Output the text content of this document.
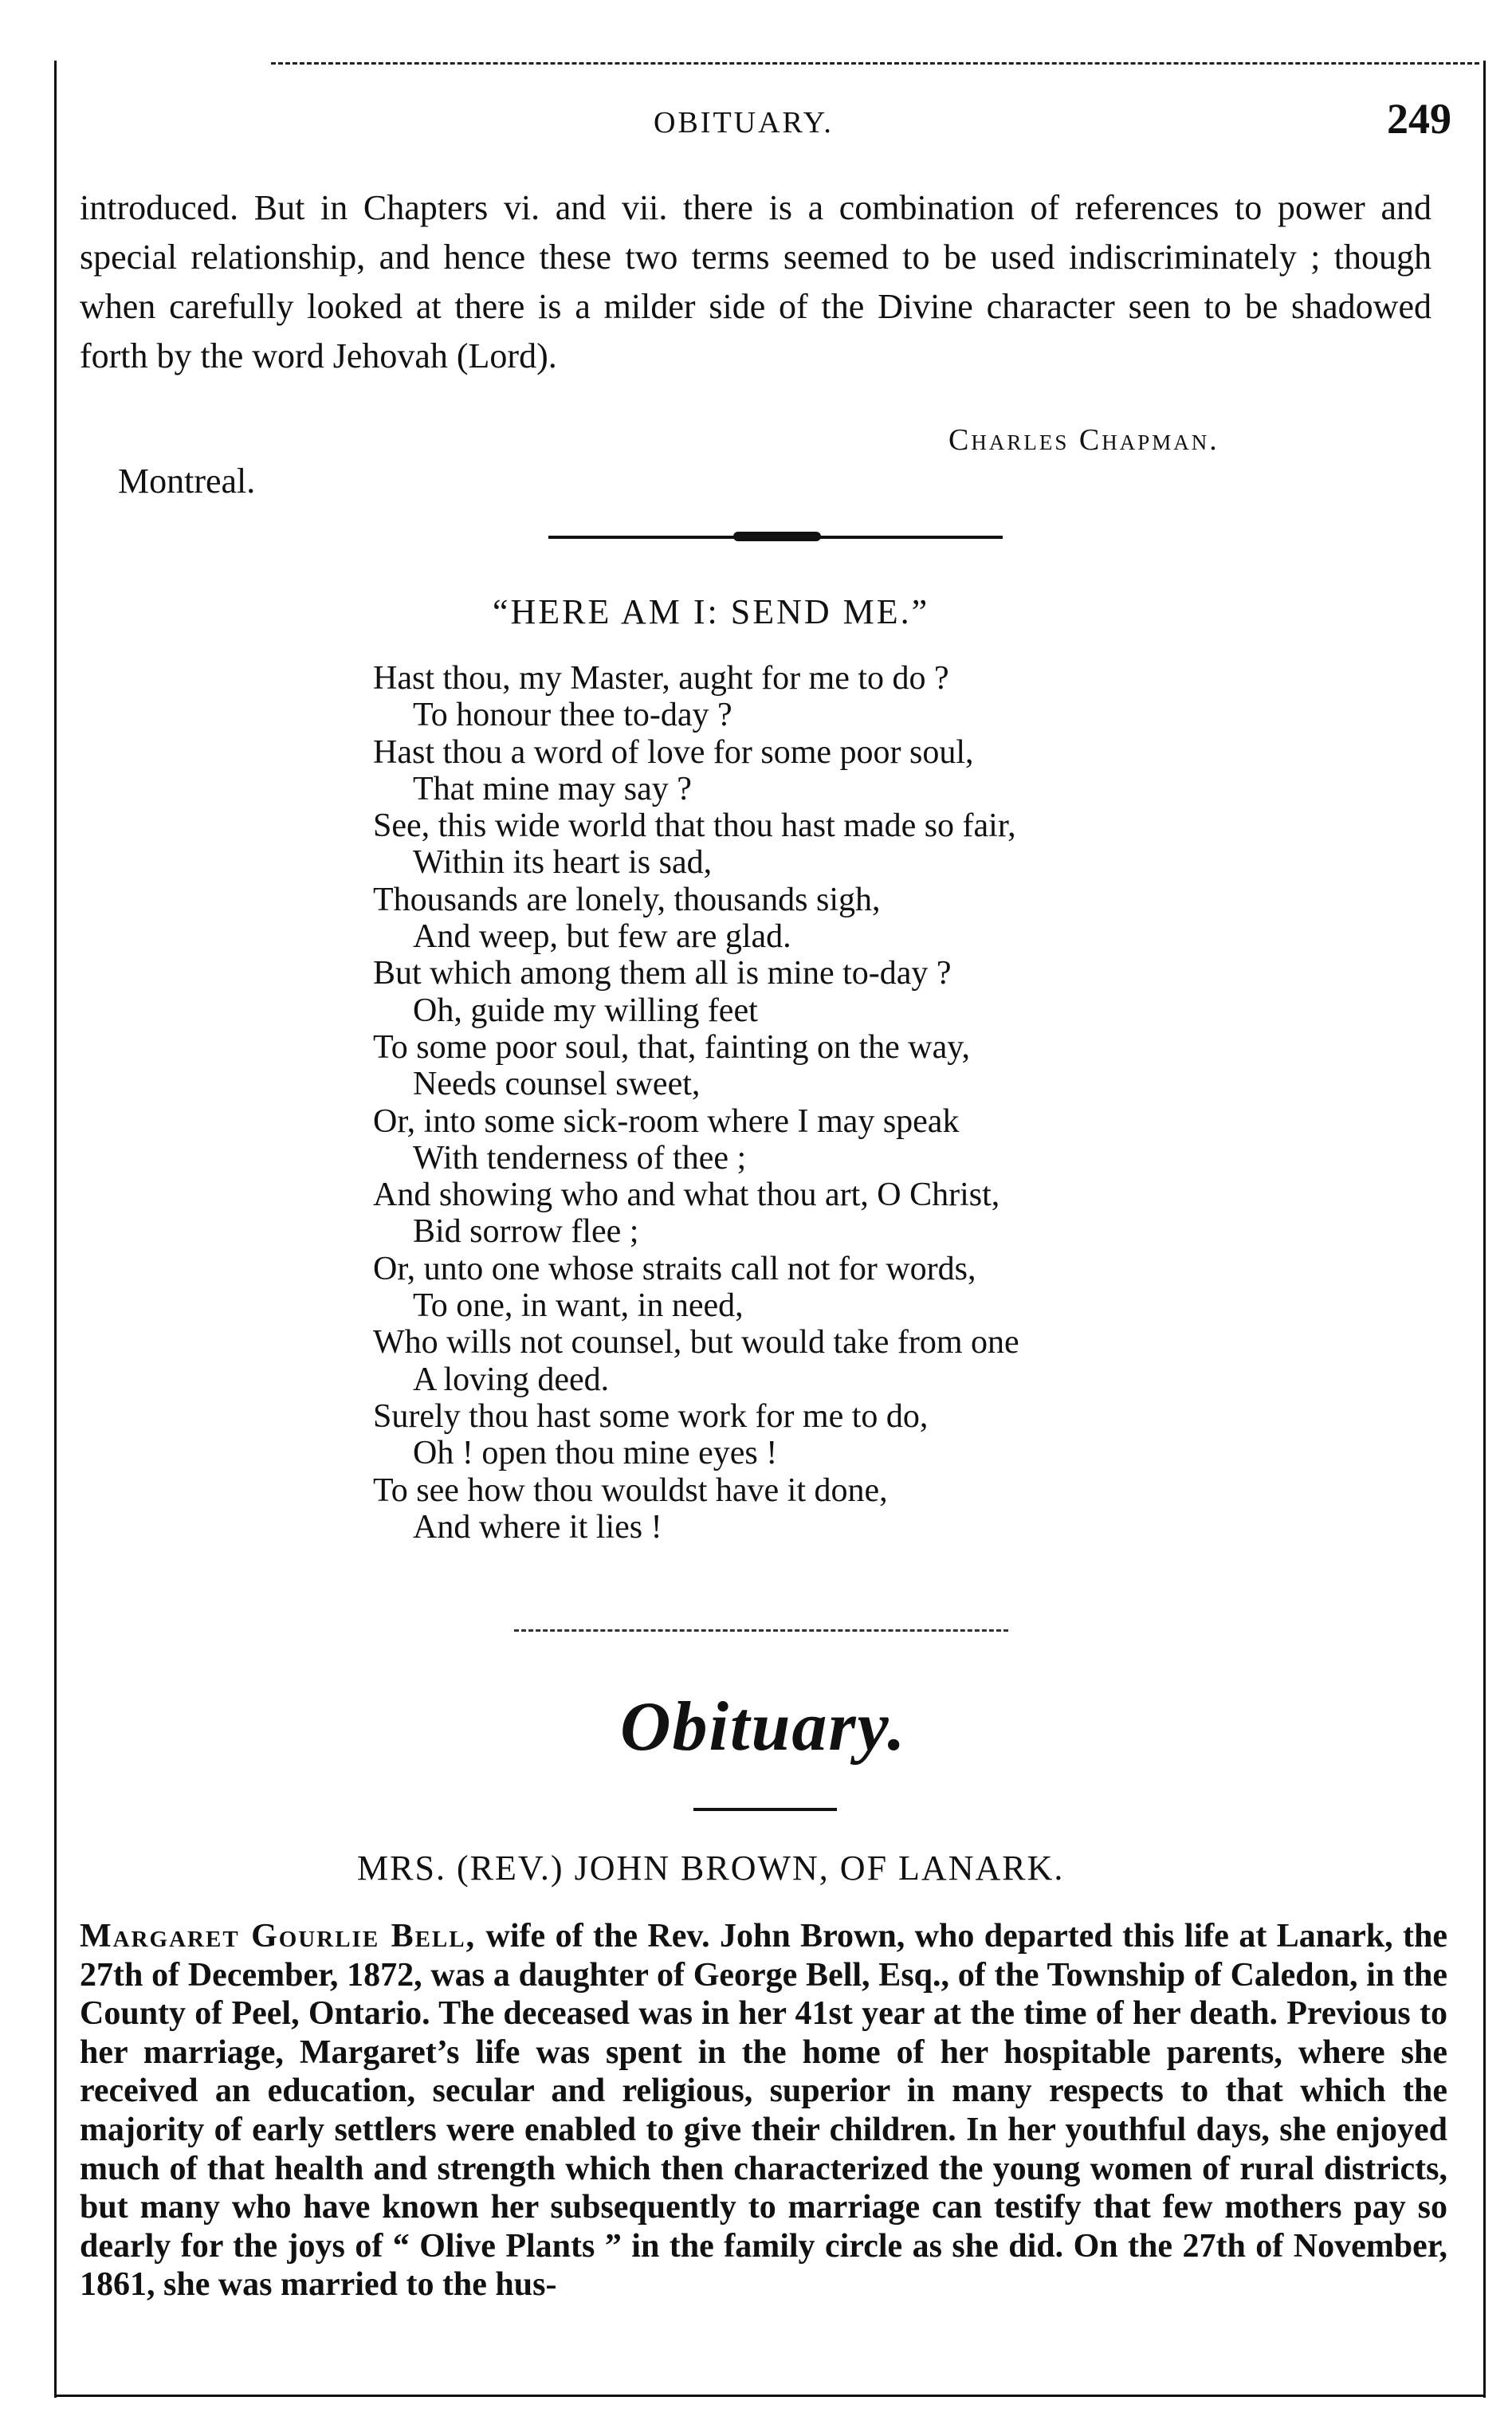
OBITUARY.	249

introduced. But in Chapters vi. and vii. there is a combination of references to power and special relationship, and hence these two terms seemed to be used indiscriminately ; though when carefully looked at there is a milder side of the Divine character seen to be shadowed forth by the word Jehovah (Lord).

Charles Chapman.
Montreal.
“HERE AM I: SEND ME.”
Hast thou, my Master, aught for me to do ?
To honour thee to-day ?
Hast thou a word of love for some poor soul,
That mine may say ?
See, this wide world that thou hast made so fair,
Within its heart is sad,
Thousands are lonely, thousands sigh,
And weep, but few are glad.
But which among them all is mine to-day ?
Oh, guide my willing feet
To some poor soul, that, fainting on the way,
Needs counsel sweet,
Or, into some sick-room where I may speak
With tenderness of thee ;
And showing who and what thou art, O Christ,
Bid sorrow flee ;
Or, unto one whose straits call not for words,
To one, in want, in need,
Who wills not counsel, but would take from one
A loving deed.
Surely thou hast some work for me to do,
Oh ! open thou mine eyes !
To see how thou wouldst have it done,
And where it lies !
Obituary.
MRS. (REV.) JOHN BROWN, OF LANARK.

Margaret Gourlie Bell, wife of the Rev. John Brown, who departed this life at Lanark, the 27th of December, 1872, was a daughter of George Bell, Esq., of the Township of Caledon, in the County of Peel, Ontario. The deceased was in her 41st year at the time of her death. Previous to her marriage, Margaret’s life was spent in the home of her hospitable parents, where she received an education, secular and religious, superior in many respects to that which the majority of early settlers were enabled to give their children. In her youthful days, she enjoyed much of that health and strength which then characterized the young women of rural districts, but many who have known her subsequently to marriage can testify that few mothers pay so dearly for the joys of “ Olive Plants ” in the family circle as she did. On the 27th of November, 1861, she was married to the hus-
